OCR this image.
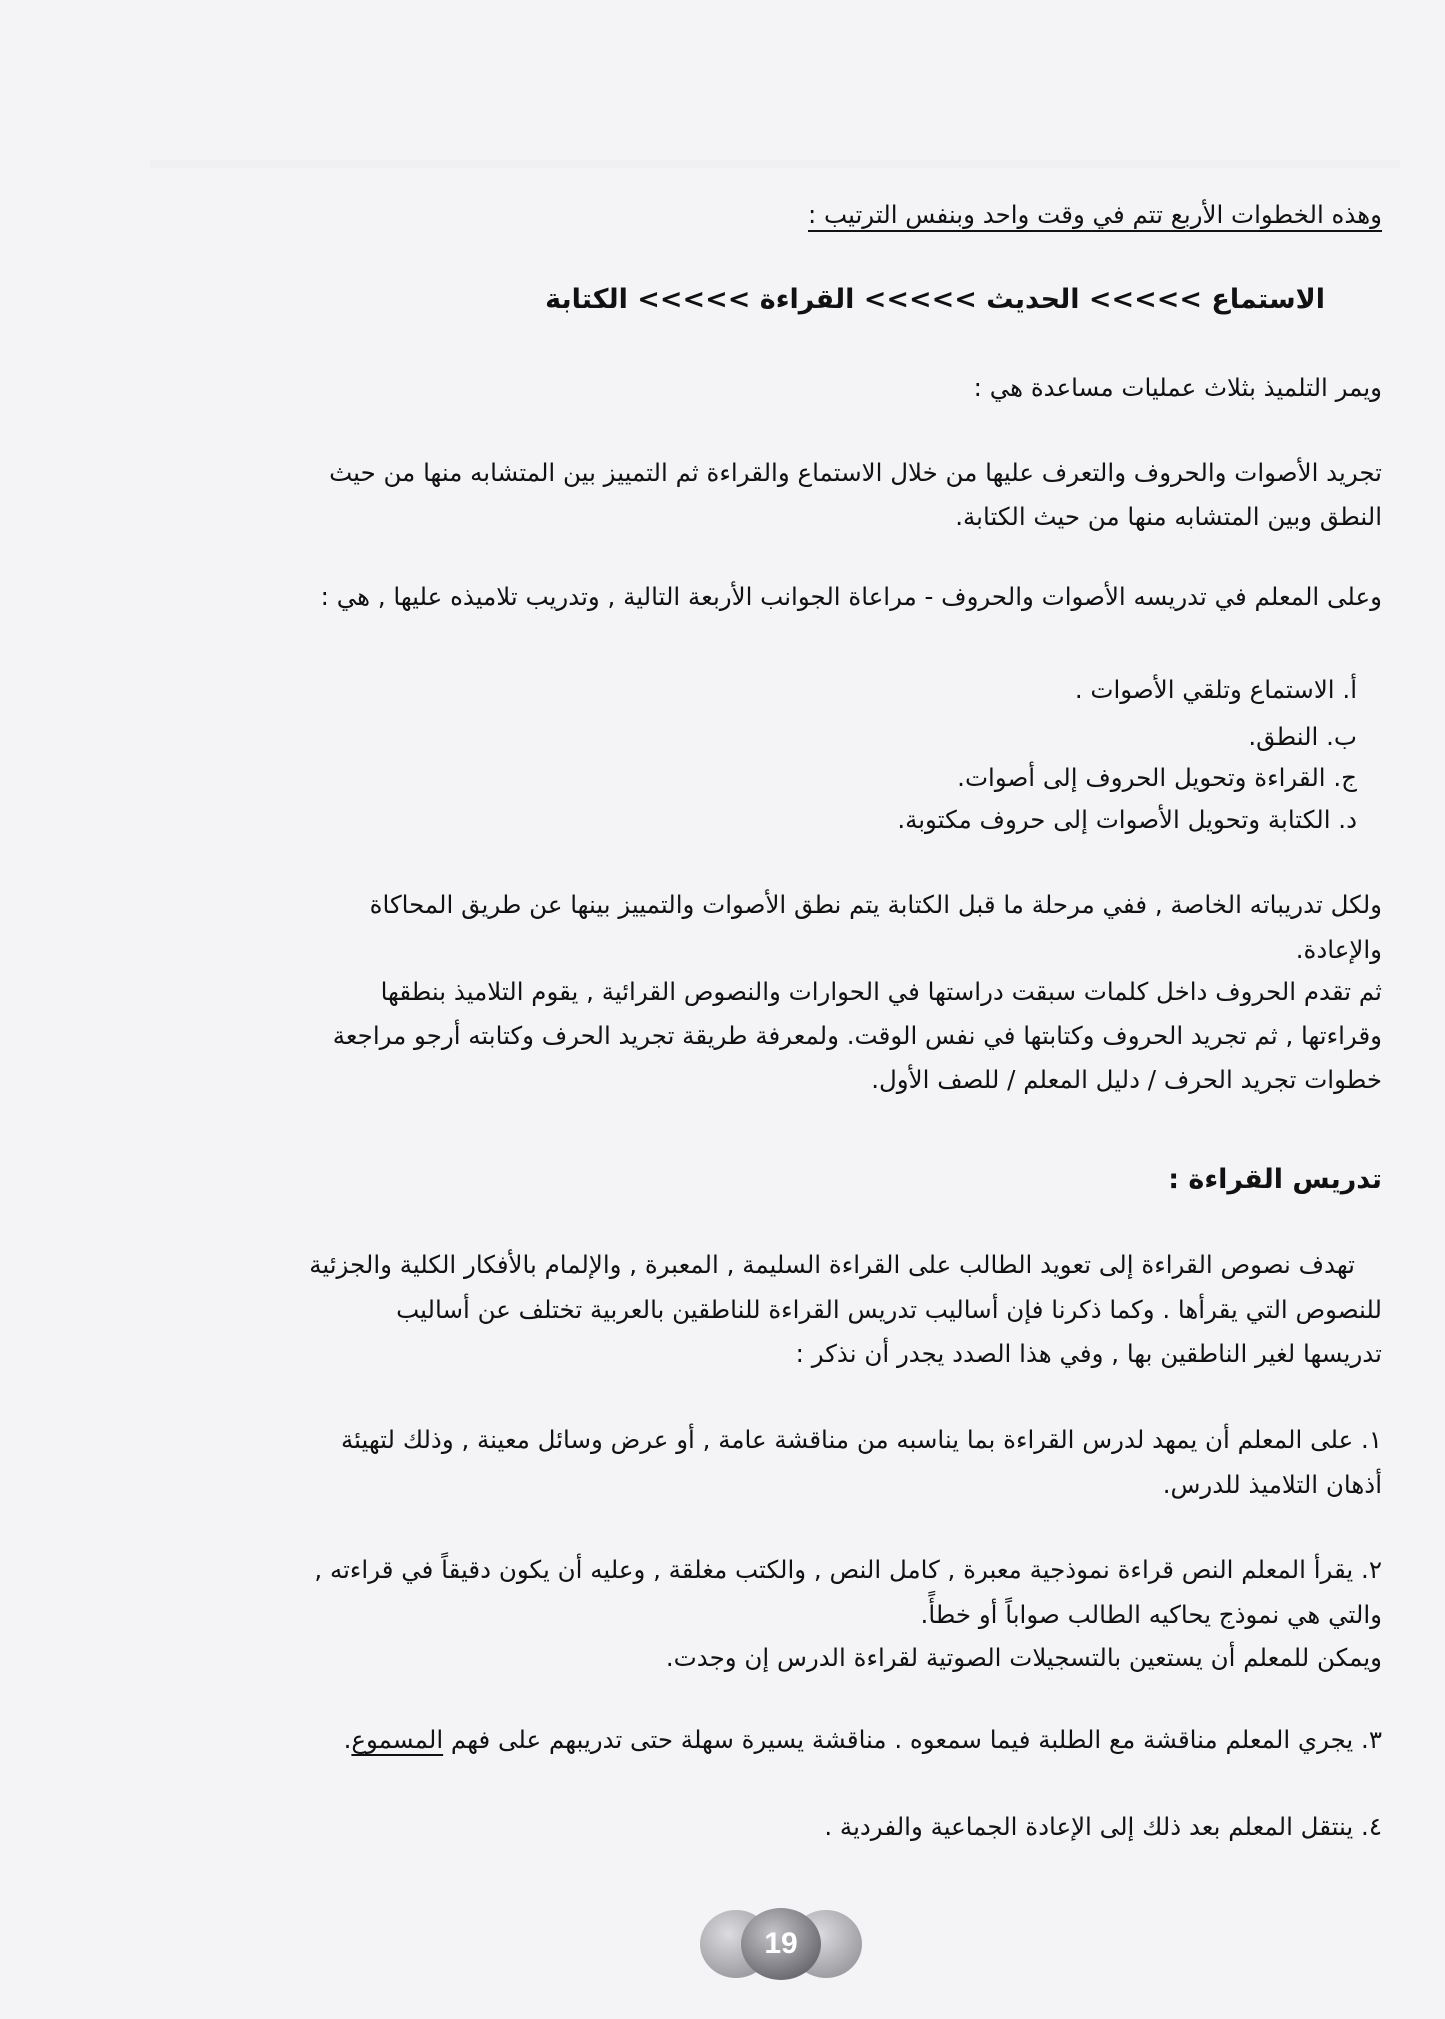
وهذه الخطوات الأربع تتم في وقت واحد وبنفس الترتيب :
الاستماع >>>>> الحديث >>>>> القراءة >>>>> الكتابة
ويمر التلميذ بثلاث عمليات مساعدة هي :
تجريد الأصوات والحروف والتعرف عليها من خلال الاستماع والقراءة ثم التمييز بين المتشابه منها من حيث
النطق وبين المتشابه منها من حيث الكتابة.
وعلى المعلم في تدريسه الأصوات والحروف - مراعاة الجوانب الأربعة التالية , وتدريب تلاميذه عليها , هي :
أ. الاستماع وتلقي الأصوات .
ب. النطق.
ج. القراءة وتحويل الحروف إلى أصوات.
د. الكتابة وتحويل الأصوات إلى حروف مكتوبة.
ولكل تدريباته الخاصة , ففي مرحلة ما قبل الكتابة يتم نطق الأصوات والتمييز بينها عن طريق المحاكاة
والإعادة.
ثم تقدم الحروف داخل كلمات سبقت دراستها في الحوارات والنصوص القرائية , يقوم التلاميذ بنطقها
وقراءتها , ثم تجريد الحروف وكتابتها في نفس الوقت. ولمعرفة طريقة تجريد الحرف وكتابته أرجو مراجعة
خطوات تجريد الحرف / دليل المعلم / للصف الأول.
تدريس القراءة :
تهدف نصوص القراءة إلى تعويد الطالب على القراءة السليمة , المعبرة , والإلمام بالأفكار الكلية والجزئية
للنصوص التي يقرأها . وكما ذكرنا فإن أساليب تدريس القراءة للناطقين بالعربية تختلف عن أساليب
تدريسها لغير الناطقين بها , وفي هذا الصدد يجدر أن نذكر :
١. على المعلم أن يمهد لدرس القراءة بما يناسبه من مناقشة عامة , أو عرض وسائل معينة , وذلك لتهيئة
أذهان التلاميذ للدرس.
٢. يقرأ المعلم النص قراءة نموذجية معبرة , كامل النص , والكتب مغلقة , وعليه أن يكون دقيقاً في قراءته ,
والتي هي نموذج يحاكيه الطالب صواباً أو خطأً.
ويمكن للمعلم أن يستعين بالتسجيلات الصوتية لقراءة الدرس إن وجدت.
٣. يجري المعلم مناقشة مع الطلبة فيما سمعوه . مناقشة يسيرة سهلة حتى تدريبهم على فهم المسموع.
٤. ينتقل المعلم بعد ذلك إلى الإعادة الجماعية والفردية .
19
